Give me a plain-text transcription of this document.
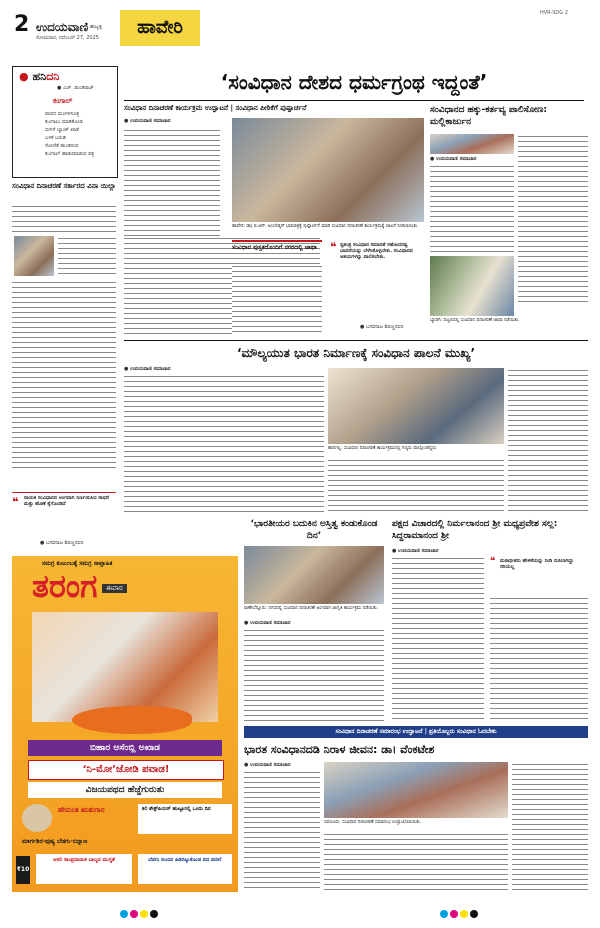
2 ಉದಯವಾಣಿ ಹುಬ್ಬಳ್ಳಿ
ಸೋಮವಾರ, ನವೆಂಬರ್ 27, 2025	ಹಾವೇರಿ
HVR-SDG 2
● ಹನಿದನಿ
● ಎಚ್. ಡುಂಡಿರಾಜ್
ಕಂಗಾಲ್
ಪಾಪದ ಮಂಗಳಸೂತ್ರ
ಕುಂಗಾಲು ಮಾಡಿಕೊಂಡ
ಬೀಗಳೆ ಬ್ಯಾಂಕ್ ಖಾತೆ
ಬಳಕೆ ಬರುಡಿ
ಸೋಣಿತೆ ಹುಂಡಿಸುವ
ಕುಂಗಾಲ್ ಹಾಡುಮಾಡುವ ಪತ್ರ
ಸಂವಿಧಾನ ದಿನಾಚರಣೆ ಸರ್ಕಾರದ ವಿನಾ ಯಿಲ್ಲಾ
❝ ನಾಯಕ ಸಂವಿಧಾನದ ಅಂಗವಾಗಿ ನಿರ್ಣಯಿಸಿದ ಸಾಧನೆ ಮತ್ತು ಹೊಣೆ ಕೈಗೊಂಡಿದೆ
● ಬಸವರಾಜ ಶಿವಣ್ಣನವರ
‘ಸಂವಿಧಾನ ದೇಶದ ಧರ್ಮಗ್ರಂಥ ಇದ್ದಂತೆ’
ಸಂವಿಧಾನ ದಿನಾಚರಣೆ ಕಾರ್ಯಕ್ರಮ ಉದ್ಘಾಟನೆ | ಸಂವಿಧಾನ ಪೀಠಿಕೆಗೆ ಪುಷ್ಪಾರ್ಚನೆ
● ಉದಯವಾಣಿ ಸಮಾಚಾರ
ಹಾವೇರಿ: ಡಾ| ಬಿ.ಆರ್. ಅಂಬೇಡ್ಕರ್ ಭಾವಚಿತ್ರಕ್ಕೆ ಪುಷ್ಪಾರ್ಚನೆ ಮಾಡಿ ಸಂವಿಧಾನ ದಿನಾಚರಣೆ ಕಾರ್ಯಕ್ರಮಕ್ಕೆ ಚಾಲನೆ ನೀಡಲಾಯಿತು.
ಸಂವಿಧಾನ ಪುಸ್ತಕದೊಂದಿಗೆ ನಗರದಲ್ಲಿ ಜಾಥಾ	❝ ಸ್ವತಂತ್ರ ಸಂವಿಧಾನ ಸಮಾನತೆ ಸಹೋದರತ್ವ ಭಾವನೆಯನ್ನು ಬೆಳೆಸಿಕೊಳ್ಳಬೇಕು. ಸಂವಿಧಾನದ ಆಶಯಗಳನ್ನು ಪಾಲಿಸಬೇಕು.
● ಬಸವರಾಜ ಶಿವಣ್ಣನವರ
ಸಂವಿಧಾನದ ಹಕ್ಕು-ಕರ್ತವ್ಯ ಪಾಲಿಸೋಣ: ಮಲ್ಲಿಕಾರ್ಜುನ
● ಉದಯವಾಣಿ ಸಮಾಚಾರ
ಬ್ಯಾಡಗಿ: ಪಟ್ಟಣದಲ್ಲಿ ಸಂವಿಧಾನ ದಿನಾಚರಣೆ ಜಾಥಾ ನಡೆಯಿತು.
‘ಮೌಲ್ಯಯುತ ಭಾರತ ನಿರ್ಮಾಣಕ್ಕೆ ಸಂವಿಧಾನ ಪಾಲನೆ ಮುಖ್ಯ’
● ಉದಯವಾಣಿ ಸಮಾಚಾರ
ಹಾನಗಲ್ಲ: ಸಂವಿಧಾನ ದಿನಾಚರಣೆ ಕಾರ್ಯಕ್ರಮದಲ್ಲಿ ಗಣ್ಯರು ಪಾಲ್ಗೊಂಡಿದ್ದರು.
ಸಮಗ್ರ ಕುಟುಂಬಕ್ಕೆ ಸಮಗ್ರ ಸಾಪ್ತಾಹಿಕ
ತರಂಗ	ಈವಾರ
ಬಿಹಾರ ಅಸೆಂಬ್ಲಿ ಅಖಾಡ
‘ನಿ-ಮೋ’ಜೋಡಿ ಪವಾಡ!
ವಿಜಯಪಥದ ಹೆಜ್ಜೆಗುರುತು
ಹೇಮಂತ ಋತುಗಾನ
ಮಾರ್ಗಶಿರ-ಪುಷ್ಯ ಬೆಡಗು-ಬಿನ್ನಾಣ
ಕಲಿ ಶೇಕ್ಸ್‌ಪಿಯರ್ ಹುಟ್ಟೂರಲ್ಲಿ ಒಂದು ದಿನ
₹10
ಅಸಲಿ ಸಾಂಪ್ರದಾಯಿಕ ಬಾಲ್ಯದ ಮುಗ್ಧತೆ	ಬೆಡಗು ಸುಂದರ ಹಿಡಿದಿಟ್ಟುಕೊಂಡ ಪದ ಪದಕ!
‘ಭಾರತೀಯರ ಬದುಕಿನ ಅಸ್ತಿತ್ವ ಕಂಡುಕೊಂಡ ದಿನ’
ರಾಣೇಬೆನ್ನೂರು: ನಗರದಲ್ಲಿ ಸಂವಿಧಾನ ದಿನಾಚರಣೆ ಅಂಗವಾಗಿ ಜಾಗೃತಿ ಕಾರ್ಯಕ್ರಮ ನಡೆಯಿತು.
● ಉದಯವಾಣಿ ಸಮಾಚಾರ
ಪಕ್ಷದ ವಿಚಾರದಲ್ಲಿ ನಿರ್ಮಲಾನಂದ ಶ್ರೀ ಮಧ್ಯಪ್ರವೇಶ ಸಲ್ಲ: ಸಿದ್ದರಾಮಾನಂದ ಶ್ರೀ
● ಉದಯವಾಣಿ ಸಮಾಚಾರ
❝ ಮಠಾಧೀಶರು ಹೇಳಿಕೆಯನ್ನು ನೀಡಿ ಬಿಜಿಲಾಗಿದ್ದು ಸರಿಯಲ್ಲ
ಸಂವಿಧಾನ ದಿನಾಚರಣೆ ಸಮಾರಂಭ ಉದ್ಘಾಟನೆ | ಪ್ರತಿಯೊಬ್ಬರು ಸಂವಿಧಾನ ಓದಬೇಕು
ಭಾರತ ಸಂವಿಧಾನದಡಿ ನಿರಾಳ ಜೀವನ: ಡಾ। ವೆಂಕಟೇಶ
● ಉದಯವಾಣಿ ಸಮಾಚಾರ
ಸವಣೂರು: ಸಂವಿಧಾನ ದಿನಾಚರಣೆ ಸಮಾರಂಭ ಉದ್ಘಾಟಿಸಲಾಯಿತು.
